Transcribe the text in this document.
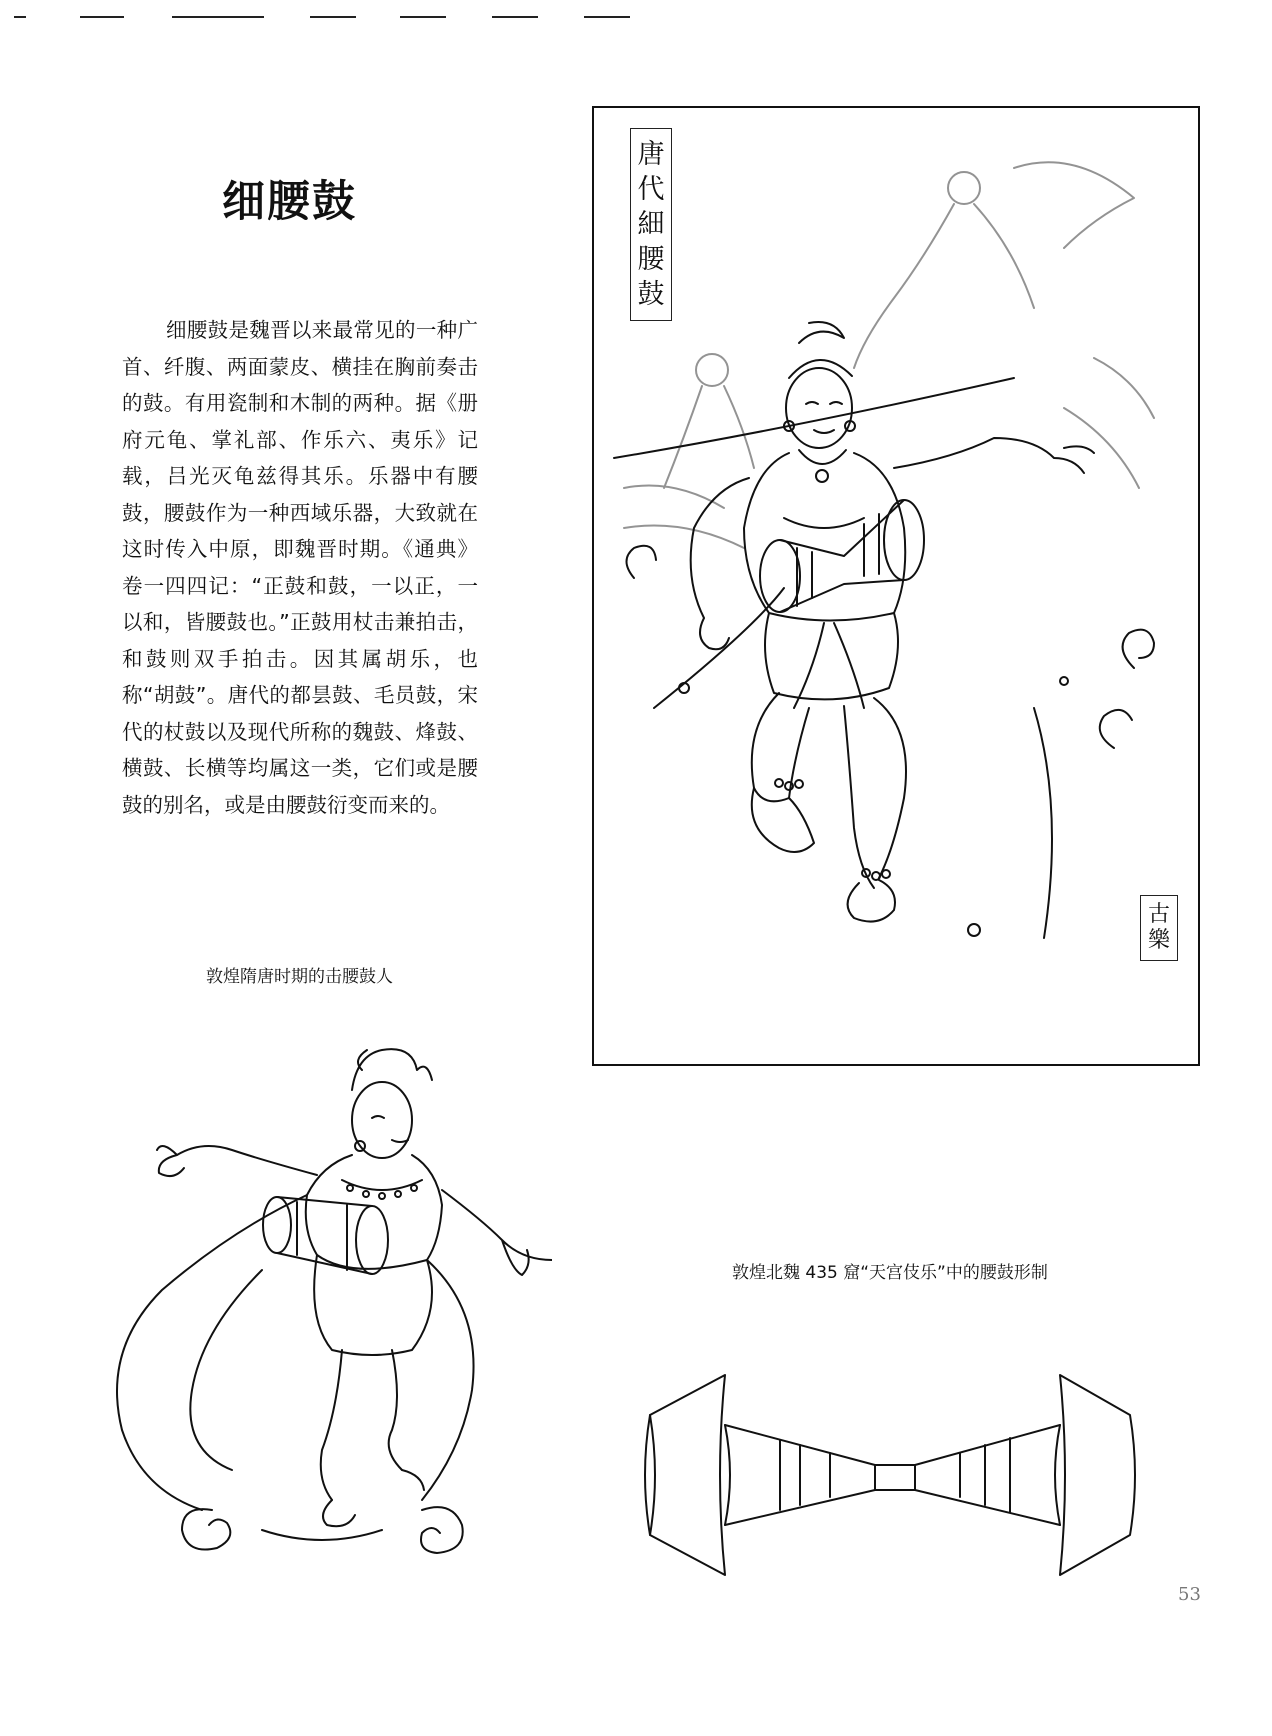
细腰鼓

细腰鼓是魏晋以来最常见的一种广首、纤腹、两面蒙皮、横挂在胸前奏击的鼓。有用瓷制和木制的两种。据《册府元龟、掌礼部、作乐六、夷乐》记载，吕光灭龟兹得其乐。乐器中有腰鼓，腰鼓作为一种西域乐器，大致就在这时传入中原，即魏晋时期。《通典》卷一四四记：“正鼓和鼓，一以正，一以和，皆腰鼓也。”正鼓用杖击兼拍击，和鼓则双手拍击。因其属胡乐，也称“胡鼓”。唐代的都昙鼓、毛员鼓，宋代的杖鼓以及现代所称的魏鼓、烽鼓、横鼓、长横等均属这一类，它们或是腰鼓的别名，或是由腰鼓衍变而来的。

敦煌隋唐时期的击腰鼓人
敦煌北魏 435 窟“天宫伎乐”中的腰鼓形制
53
唐
代
細
腰
鼓
古
樂
